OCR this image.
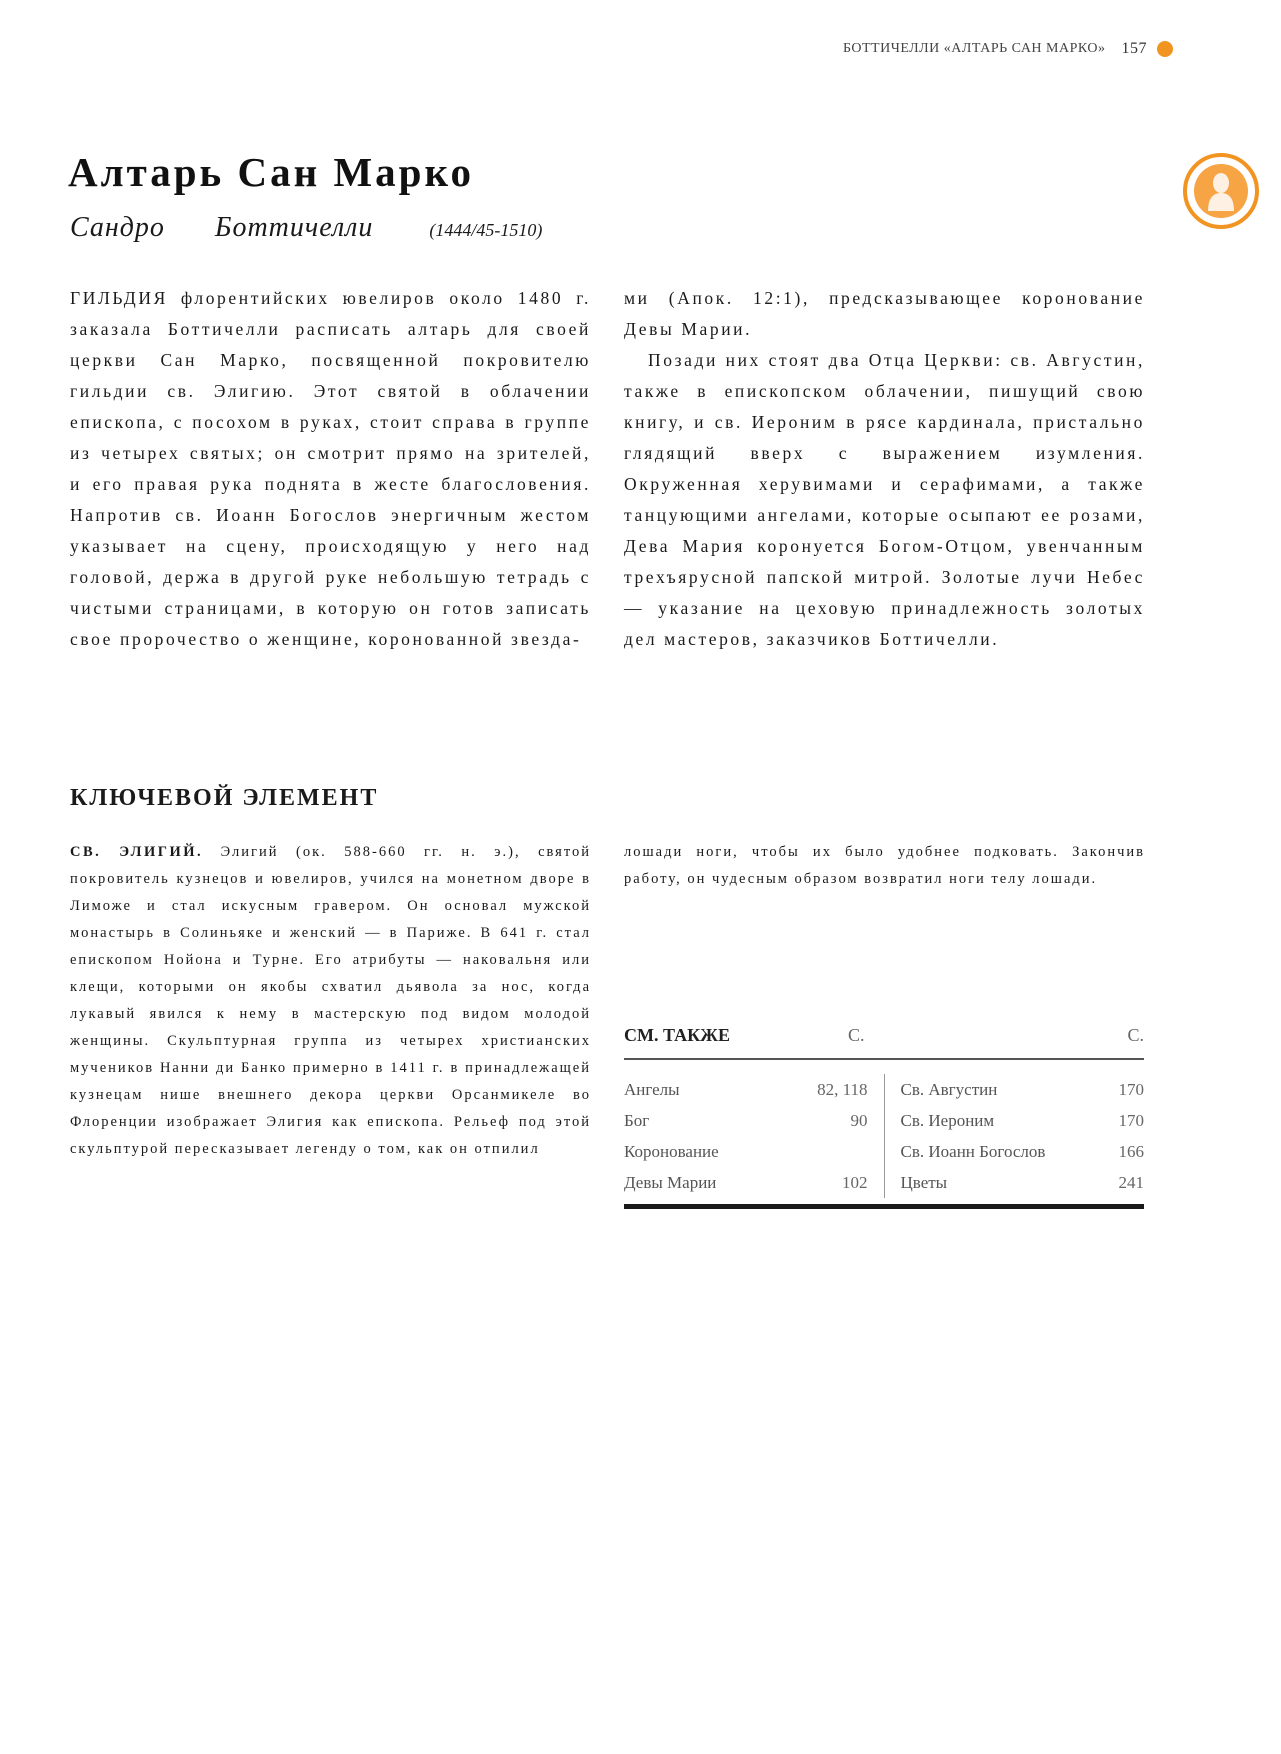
БОТТИЧЕЛЛИ «АЛТАРЬ САН МАРКО» 157
Алтарь Сан Марко
Сандро Боттичелли	(1444/45-1510)

ГИЛЬДИЯ флорентийских ювелиров около 1480 г. заказала Боттичелли расписать алтарь для своей церкви Сан Марко, посвященной покровителю гильдии св. Элигию. Этот святой в облачении епископа, с посохом в руках, стоит справа в группе из четырех святых; он смотрит прямо на зрителей, и его правая рука поднята в жесте благословения. Напротив св. Иоанн Богослов энергичным жестом указывает на сцену, происходящую у него над головой, держа в другой руке небольшую тетрадь с чистыми страницами, в которую он готов записать свое пророчество о женщине, коронованной звезда-

ми (Апок. 12:1), предсказывающее коронование Девы Марии.

Позади них стоят два Отца Церкви: св. Августин, также в епископском облачении, пишущий свою книгу, и св. Иероним в рясе кардинала, пристально глядящий вверх с выражением изумления. Окруженная херувимами и серафимами, а также танцующими ангелами, которые осыпают ее розами, Дева Мария коронуется Богом-Отцом, увенчанным трехъярусной папской митрой. Золотые лучи Небес — указание на цеховую принадлежность золотых дел мастеров, заказчиков Боттичелли.

КЛЮЧЕВОЙ ЭЛЕМЕНТ

СВ. ЭЛИГИЙ. Элигий (ок. 588-660 гг. н. э.), святой покровитель кузнецов и ювелиров, учился на монетном дворе в Лиможе и стал искусным гравером. Он основал мужской монастырь в Солиньяке и женский — в Париже. В 641 г. стал епископом Нойона и Турне. Его атрибуты — наковальня или клещи, которыми он якобы схватил дьявола за нос, когда лукавый явился к нему в мастерскую под видом молодой женщины. Скульптурная группа из четырех христианских мучеников Нанни ди Банко примерно в 1411 г. в принадлежащей кузнецам нише внешнего декора церкви Орсанмикеле во Флоренции изображает Элигия как епископа. Рельеф под этой скульптурой пересказывает легенду о том, как он отпилил

лошади ноги, чтобы их было удобнее подковать. Закончив работу, он чудесным образом возвратил ноги телу лошади.

СМ. ТАКЖЕ	С.	С.
Ангелы	82, 118
Бог	90
Коронование
Девы Марии	102
Св. Августин	170
Св. Иероним	170
Св. Иоанн Богослов	166
Цветы	241
